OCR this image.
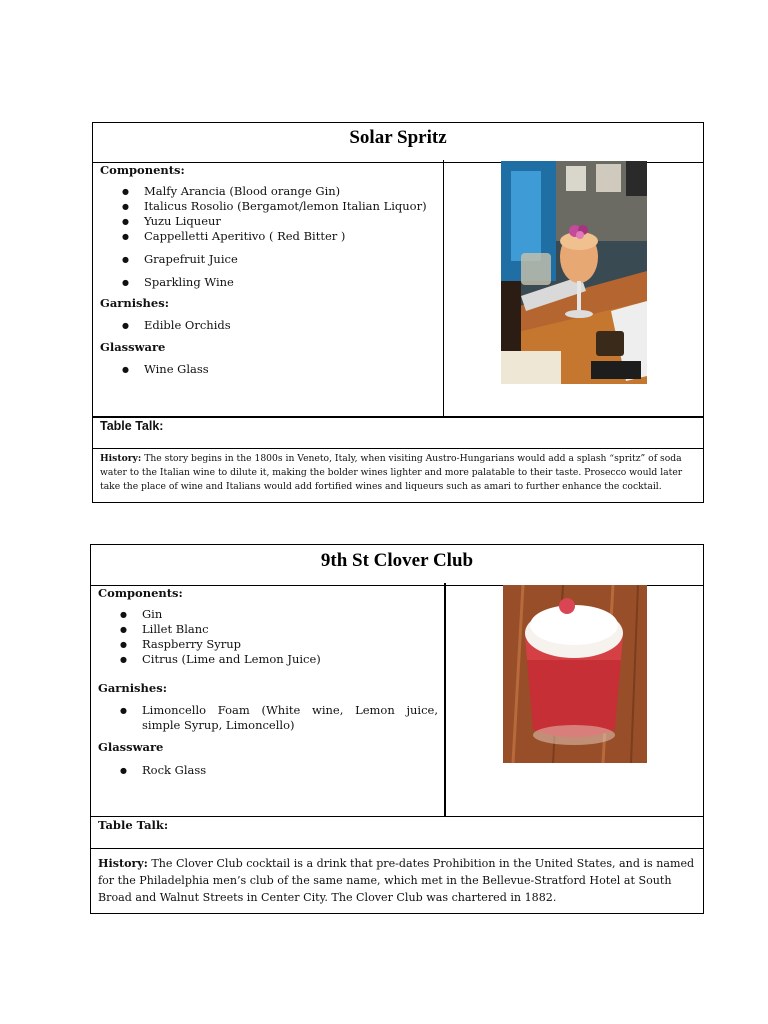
Solar Spritz

Components:

● Malfy Arancia (Blood orange Gin)
● Italicus Rosolio (Bergamot/lemon Italian Liquor)
● Yuzu Liqueur
● Cappelletti Aperitivo ( Red Bitter )
● Grapefruit Juice
● Sparkling Wine

Garnishes:

● Edible Orchids

Glassware

● Wine Glass
Table Talk:
History: The story begins in the 1800s in Veneto, Italy, when visiting Austro-Hungarians would add a splash “spritz” of soda water to the Italian wine to dilute it, making the bolder wines lighter and more palatable to their taste. Prosecco would later take the place of wine and Italians would add fortified wines and liqueurs such as amari to further enhance the cocktail.
9th St Clover Club

Components:

● Gin
● Lillet Blanc
● Raspberry Syrup
● Citrus (Lime and Lemon Juice)

Garnishes:

● Limoncello Foam (White wine, Lemon juice, simple Syrup, Limoncello)

Glassware

● Rock Glass
Table Talk:
History: The Clover Club cocktail is a drink that pre-dates Prohibition in the United States, and is named for the Philadelphia men’s club of the same name, which met in the Bellevue-Stratford Hotel at South Broad and Walnut Streets in Center City. The Clover Club was chartered in 1882.
